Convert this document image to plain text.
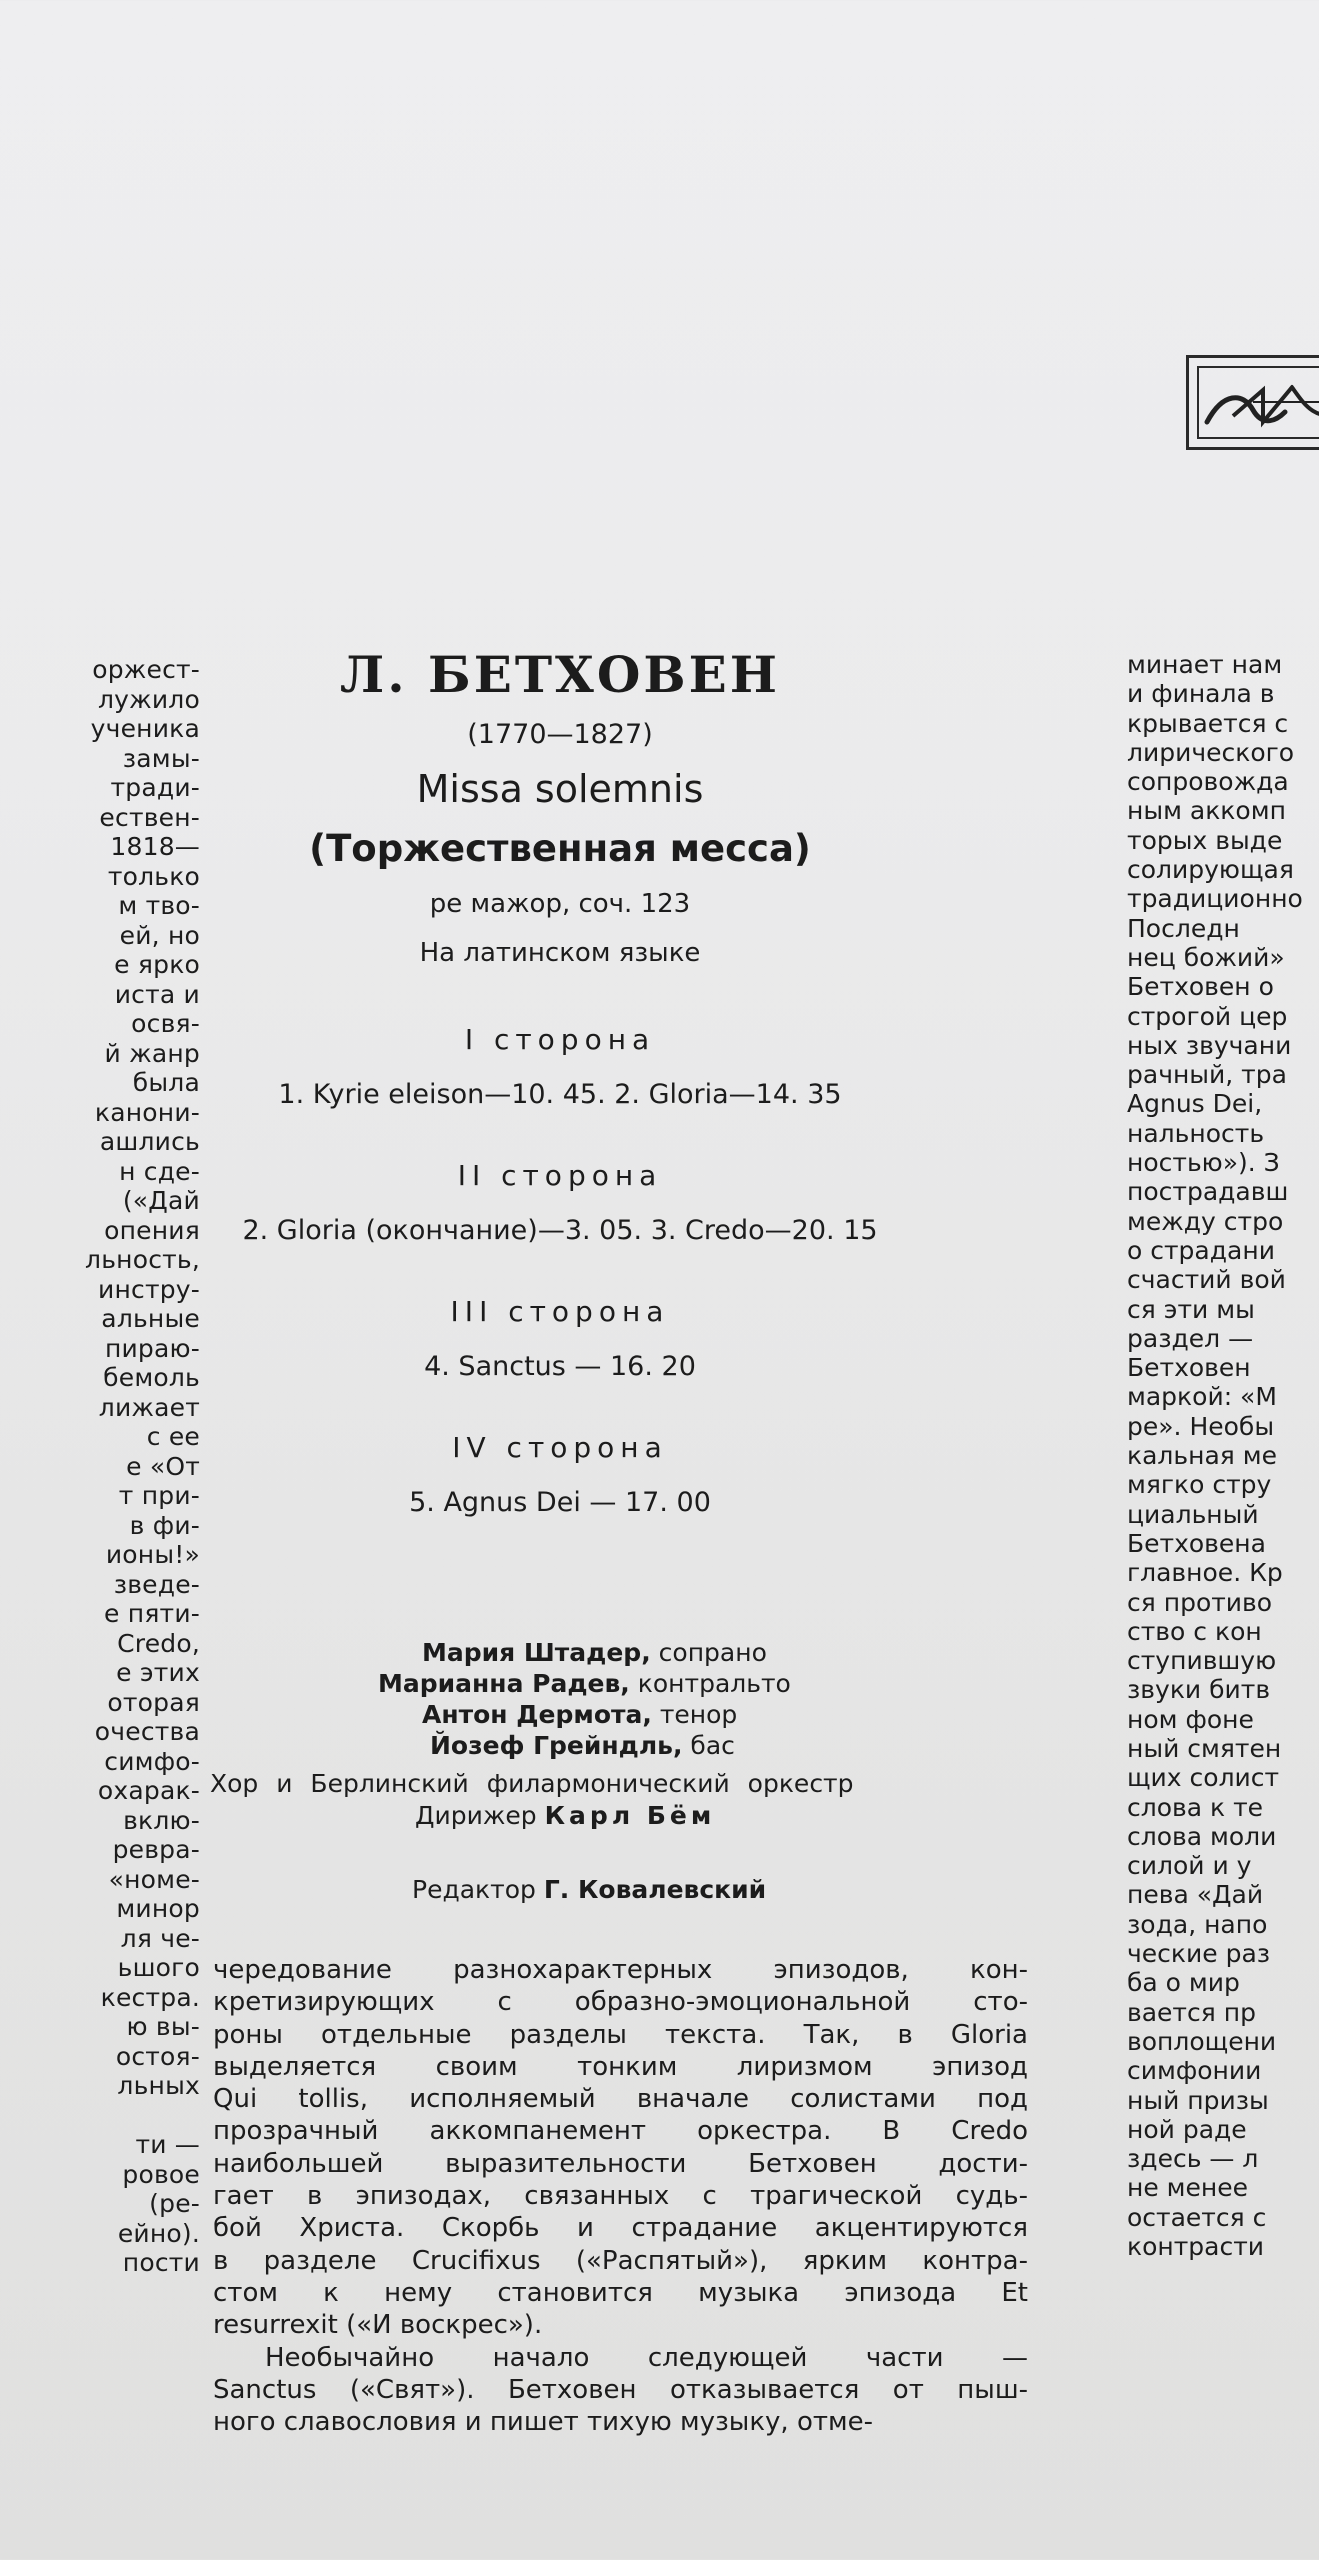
оржест-
лужило
ученика
замы-
тради-
ествен-
1818—
только
м тво-
ей, но
е ярко
иста и
освя-
й жанр
была
канони-
ашлись
н сде-
(«Дай
опения
льность,
инстру-
альные
пираю-
бемоль
лижает
с ее
е «От
т при-
в фи-
ионы!»
зведе-
е пяти-
Credo,
е этих
оторая
очества
симфо-
охарак-
вклю-
ревра-
«номе-
минор
ля че-
ьшого
кестра.
ю вы-
остоя-
льных
ти —
ровое
(ре-
ейно).
пости
Л. БЕТХОВЕН
(1770—1827)
Missa solemnis
(Торжественная месса)
ре мажор, соч. 123
На латинском языке
I сторона
1. Kyrie eleison—10. 45. 2. Gloria—14. 35
II сторона
2. Gloria (окончание)—3. 05. 3. Credo—20. 15
III сторона
4. Sanctus — 16. 20
IV сторона
5. Agnus Dei — 17. 00
Мария Штадер, сопрано
Марианна Радев, контральто
Антон Дермота, тенор
Йозеф Грейндль, бас
Хор и Берлинский филармонический оркестр
Дирижер Карл Бём
Редактор Г. Ковалевский
чередование разнохарактерных эпизодов, кон-
кретизирующих с образно-эмоциональной сто-
роны отдельные разделы текста. Так, в Gloria
выделяется своим тонким лиризмом эпизод
Qui tollis, исполняемый вначале солистами под
прозрачный аккомпанемент оркестра. В Credo
наибольшей выразительности Бетховен дости-
гает в эпизодах, связанных с трагической судь-
бой Христа. Скорбь и страдание акцентируются
в разделе Crucifixus («Распятый»), ярким контра-
стом к нему становится музыка эпизода Et
resurrexit («И воскрес»).
Необычайно начало следующей части —
Sanctus («Свят»). Бетховен отказывается от пыш-
ного славословия и пишет тихую музыку, отме-
минает нам
и финала в
крывается с
лирического
сопровожда
ным аккомп
торых выде
солирующая
традиционно
Последн
нец божий»
Бетховен о
строгой цер
ных звучани
рачный, тра
Agnus Dei,
нальность
ностью»). З
пострадавш
между стро
о страдани
счастий вой
ся эти мы
раздел —
Бетховен
маркой: «М
ре». Необы
кальная ме
мягко стру
циальный
Бетховена
главное. Кр
ся противо
ство с кон
ступившую
звуки битв
ном фоне
ный смятен
щих солист
слова к те
слова моли
силой и у
пева «Дай
зода, напо
ческие раз
ба о мир
вается пр
воплощени
симфонии
ный призы
ной раде
здесь — л
не менее
остается с
контрасти
